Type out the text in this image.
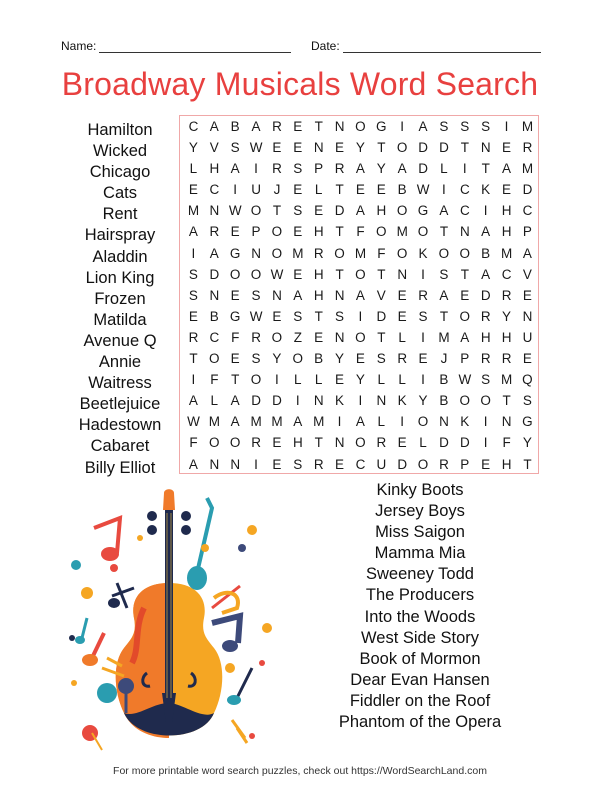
Name:	Date:
Broadway Musicals Word Search
C A B A R E T N O G	I	A S S S	I M
Y V S W E E N E Y T O D D T N E R
L H A	I	R S P R A Y A D L	I	T A M
E C	I	U J E L T E E B W I	C K E D
M N W O T S E D A H O G A C	I	H C
A R E P O E H T F O M O T N A H P
I	A G N O M R O M F O K O O B M A
S D O O W E H T O T N	I	S T A C V
S N E S N A H N A V E R A E D R E
E B G W E S T S	I	D E S T O R Y N
R C F R O Z E N O T L	I M A H H U
T O E S Y O B Y E S R E J P R R E
I	F T O	I	L L E Y L L	I	B W S M Q
A L A D D	I	N K	I	N K Y B O O T S
W M A M M A M I	A L	I	O N K	I	N G
F O O R E H T N O R E L D D	I	F Y
A N N	I	E S R E C U D O R P E H T
Hamilton
Wicked
Chicago
Cats
Rent
Hairspray
Aladdin
Lion King
Frozen
Matilda
Avenue Q
Annie
Waitress
Beetlejuice
Hadestown
Cabaret
Billy Elliot
Kinky Boots
Jersey Boys
Miss Saigon
Mamma Mia
Sweeney Todd
The Producers
Into the Woods
West Side Story
Book of Mormon
Dear Evan Hansen
Fiddler on the Roof
Phantom of the Opera
For more printable word search puzzles, check out https://WordSearchLand.com
